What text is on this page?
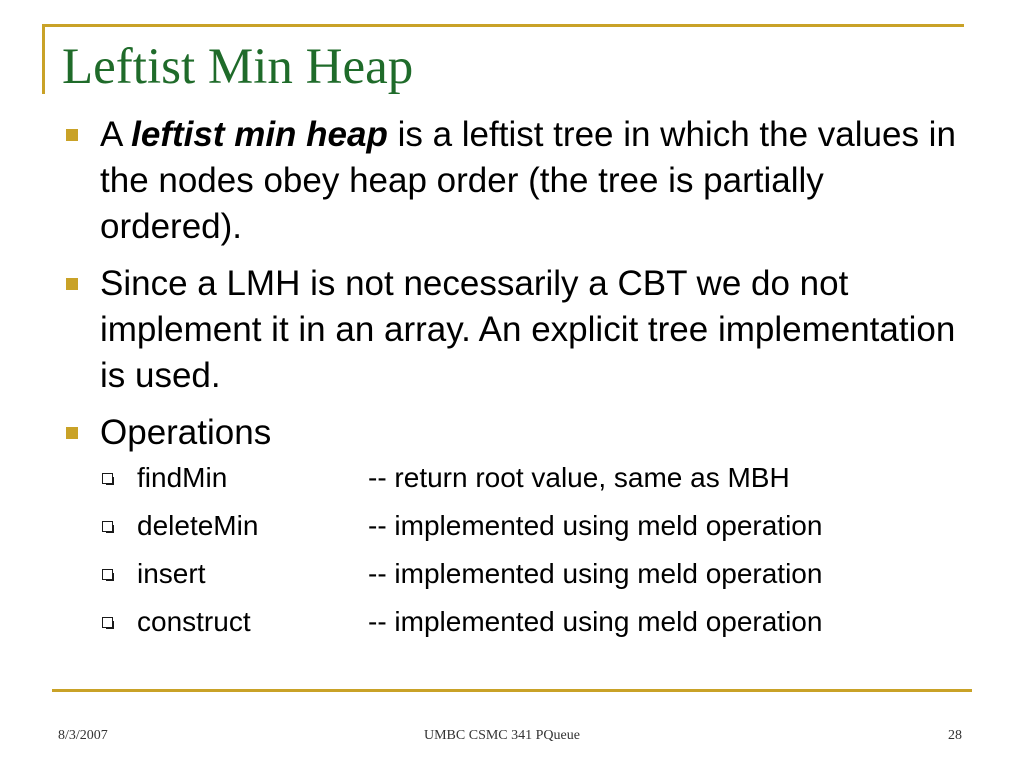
Leftist Min Heap
A leftist min heap is a leftist tree in which the values in the nodes obey heap order (the tree is partially ordered).
Since a LMH is not necessarily a CBT we do not implement it in an array. An explicit tree implementation is used.
Operations
findMin	-- return root value, same as MBH
deleteMin	-- implemented using meld operation
insert	-- implemented using meld operation
construct	-- implemented using meld operation
8/3/2007	UMBC CSMC 341 PQueue	28
